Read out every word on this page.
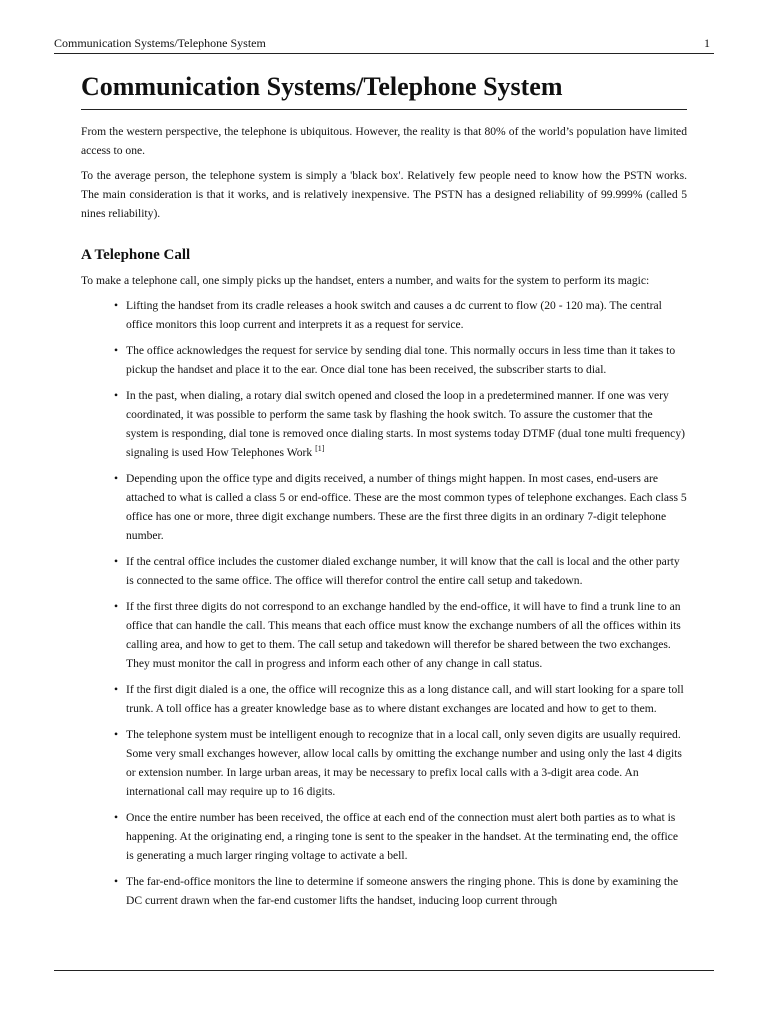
Communication Systems/Telephone System	1
Communication Systems/Telephone System

From the western perspective, the telephone is ubiquitous. However, the reality is that 80% of the world’s population have limited access to one.

To the average person, the telephone system is simply a 'black box'. Relatively few people need to know how the PSTN works. The main consideration is that it works, and is relatively inexpensive. The PSTN has a designed reliability of 99.999% (called 5 nines reliability).

A Telephone Call

To make a telephone call, one simply picks up the handset, enters a number, and waits for the system to perform its magic:

• Lifting the handset from its cradle releases a hook switch and causes a dc current to flow (20 - 120 ma). The central office monitors this loop current and interprets it as a request for service.
• The office acknowledges the request for service by sending dial tone. This normally occurs in less time than it takes to pickup the handset and place it to the ear. Once dial tone has been received, the subscriber starts to dial.
• In the past, when dialing, a rotary dial switch opened and closed the loop in a predetermined manner. If one was very coordinated, it was possible to perform the same task by flashing the hook switch. To assure the customer that the system is responding, dial tone is removed once dialing starts. In most systems today DTMF (dual tone multi frequency) signaling is used How Telephones Work [1]
• Depending upon the office type and digits received, a number of things might happen. In most cases, end-users are attached to what is called a class 5 or end-office. These are the most common types of telephone exchanges. Each class 5 office has one or more, three digit exchange numbers. These are the first three digits in an ordinary 7-digit telephone number.
• If the central office includes the customer dialed exchange number, it will know that the call is local and the other party is connected to the same office. The office will therefor control the entire call setup and takedown.
• If the first three digits do not correspond to an exchange handled by the end-office, it will have to find a trunk line to an office that can handle the call. This means that each office must know the exchange numbers of all the offices within its calling area, and how to get to them. The call setup and takedown will therefor be shared between the two exchanges. They must monitor the call in progress and inform each other of any change in call status.
• If the first digit dialed is a one, the office will recognize this as a long distance call, and will start looking for a spare toll trunk. A toll office has a greater knowledge base as to where distant exchanges are located and how to get to them.
• The telephone system must be intelligent enough to recognize that in a local call, only seven digits are usually required. Some very small exchanges however, allow local calls by omitting the exchange number and using only the last 4 digits or extension number. In large urban areas, it may be necessary to prefix local calls with a 3-digit area code. An international call may require up to 16 digits.
• Once the entire number has been received, the office at each end of the connection must alert both parties as to what is happening. At the originating end, a ringing tone is sent to the speaker in the handset. At the terminating end, the office is generating a much larger ringing voltage to activate a bell.
• The far-end-office monitors the line to determine if someone answers the ringing phone. This is done by examining the DC current drawn when the far-end customer lifts the handset, inducing loop current through
